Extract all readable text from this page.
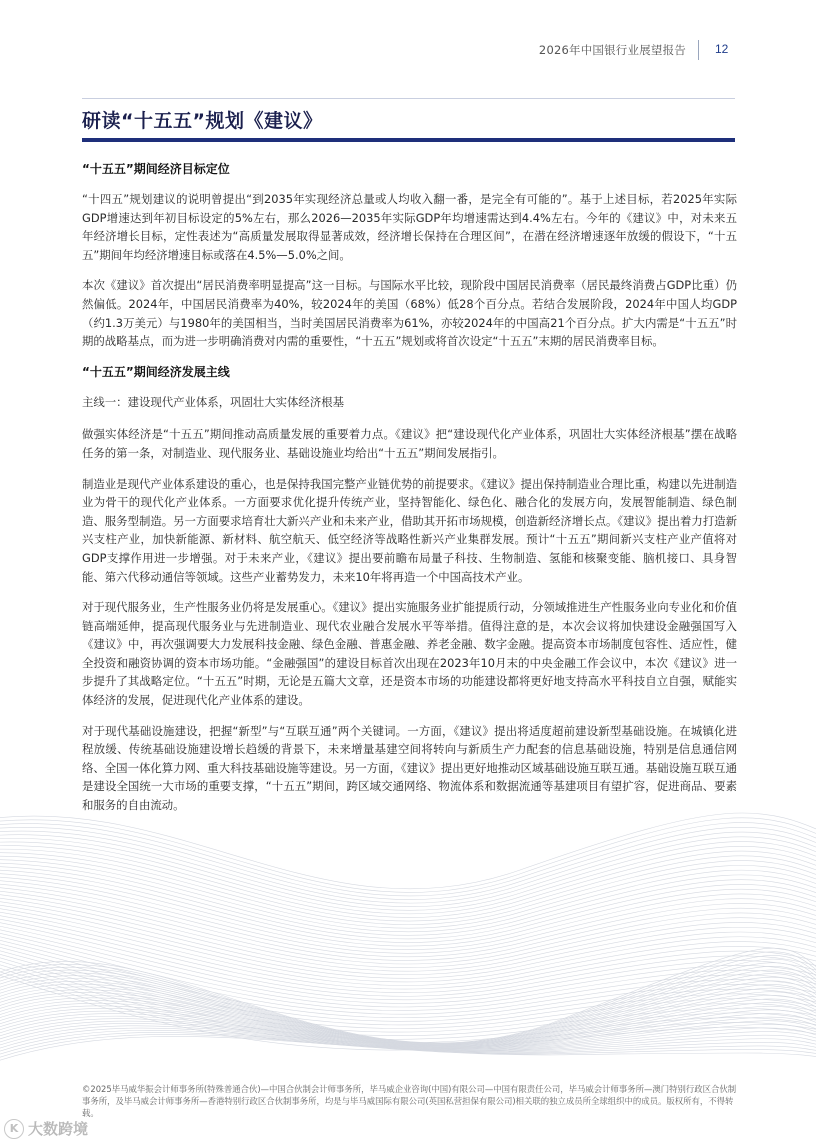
2026年中国银行业展望报告 12
研读“十五五”规划《建议》
“十五五”期间经济目标定位

“十四五”规划建议的说明曾提出“到2035年实现经济总量或人均收入翻一番，是完全有可能的”。基于上述目标，若2025年实际GDP增速达到年初目标设定的5%左右，那么2026—2035年实际GDP年均增速需达到4.4%左右。今年的《建议》中，对未来五年经济增长目标，定性表述为“高质量发展取得显著成效，经济增长保持在合理区间”，在潜在经济增速逐年放缓的假设下，“十五五”期间年均经济增速目标或落在4.5%—5.0%之间。

本次《建议》首次提出“居民消费率明显提高”这一目标。与国际水平比较，现阶段中国居民消费率（居民最终消费占GDP比重）仍然偏低。2024年，中国居民消费率为40%，较2024年的美国（68%）低28个百分点。若结合发展阶段，2024年中国人均GDP（约1.3万美元）与1980年的美国相当，当时美国居民消费率为61%，亦较2024年的中国高21个百分点。扩大内需是“十五五”时期的战略基点，而为进一步明确消费对内需的重要性，“十五五”规划或将首次设定“十五五”末期的居民消费率目标。

“十五五”期间经济发展主线

主线一：建设现代产业体系，巩固壮大实体经济根基

做强实体经济是“十五五”期间推动高质量发展的重要着力点。《建议》把“建设现代化产业体系，巩固壮大实体经济根基”摆在战略任务的第一条，对制造业、现代服务业、基础设施业均给出“十五五”期间发展指引。

制造业是现代产业体系建设的重心，也是保持我国完整产业链优势的前提要求。《建议》提出保持制造业合理比重，构建以先进制造业为骨干的现代化产业体系。一方面要求优化提升传统产业，坚持智能化、绿色化、融合化的发展方向，发展智能制造、绿色制造、服务型制造。另一方面要求培育壮大新兴产业和未来产业，借助其开拓市场规模，创造新经济增长点。《建议》提出着力打造新兴支柱产业，加快新能源、新材料、航空航天、低空经济等战略性新兴产业集群发展。预计“十五五”期间新兴支柱产业产值将对GDP支撑作用进一步增强。对于未来产业，《建议》提出要前瞻布局量子科技、生物制造、氢能和核聚变能、脑机接口、具身智能、第六代移动通信等领域。这些产业蓄势发力，未来10年将再造一个中国高技术产业。

对于现代服务业，生产性服务业仍将是发展重心。《建议》提出实施服务业扩能提质行动，分领域推进生产性服务业向专业化和价值链高端延伸，提高现代服务业与先进制造业、现代农业融合发展水平等举措。值得注意的是，本次会议将加快建设金融强国写入《建议》中，再次强调要大力发展科技金融、绿色金融、普惠金融、养老金融、数字金融。提高资本市场制度包容性、适应性，健全投资和融资协调的资本市场功能。“金融强国”的建设目标首次出现在2023年10月末的中央金融工作会议中，本次《建议》进一步提升了其战略定位。“十五五”时期，无论是五篇大文章，还是资本市场的功能建设都将更好地支持高水平科技自立自强，赋能实体经济的发展，促进现代化产业体系的建设。

对于现代基础设施建设，把握“新型”与“互联互通”两个关键词。一方面，《建议》提出将适度超前建设新型基础设施。在城镇化进程放缓、传统基础设施建设增长趋缓的背景下，未来增量基建空间将转向与新质生产力配套的信息基础设施，特别是信息通信网络、全国一体化算力网、重大科技基础设施等建设。另一方面，《建议》提出更好地推动区域基础设施互联互通。基础设施互联互通是建设全国统一大市场的重要支撑，“十五五”期间，跨区域交通网络、物流体系和数据流通等基建项目有望扩容，促进商品、要素和服务的自由流动。

©2025毕马威华振会计师事务所(特殊普通合伙)—中国合伙制会计师事务所，毕马威企业咨询(中国)有限公司—中国有限责任公司，毕马威会计师事务所—澳门特别行政区合伙制事务所，及毕马威会计师事务所—香港特别行政区合伙制事务所，均是与毕马威国际有限公司(英国私营担保有限公司)相关联的独立成员所全球组织中的成员。版权所有，不得转载。
K 大数跨境
